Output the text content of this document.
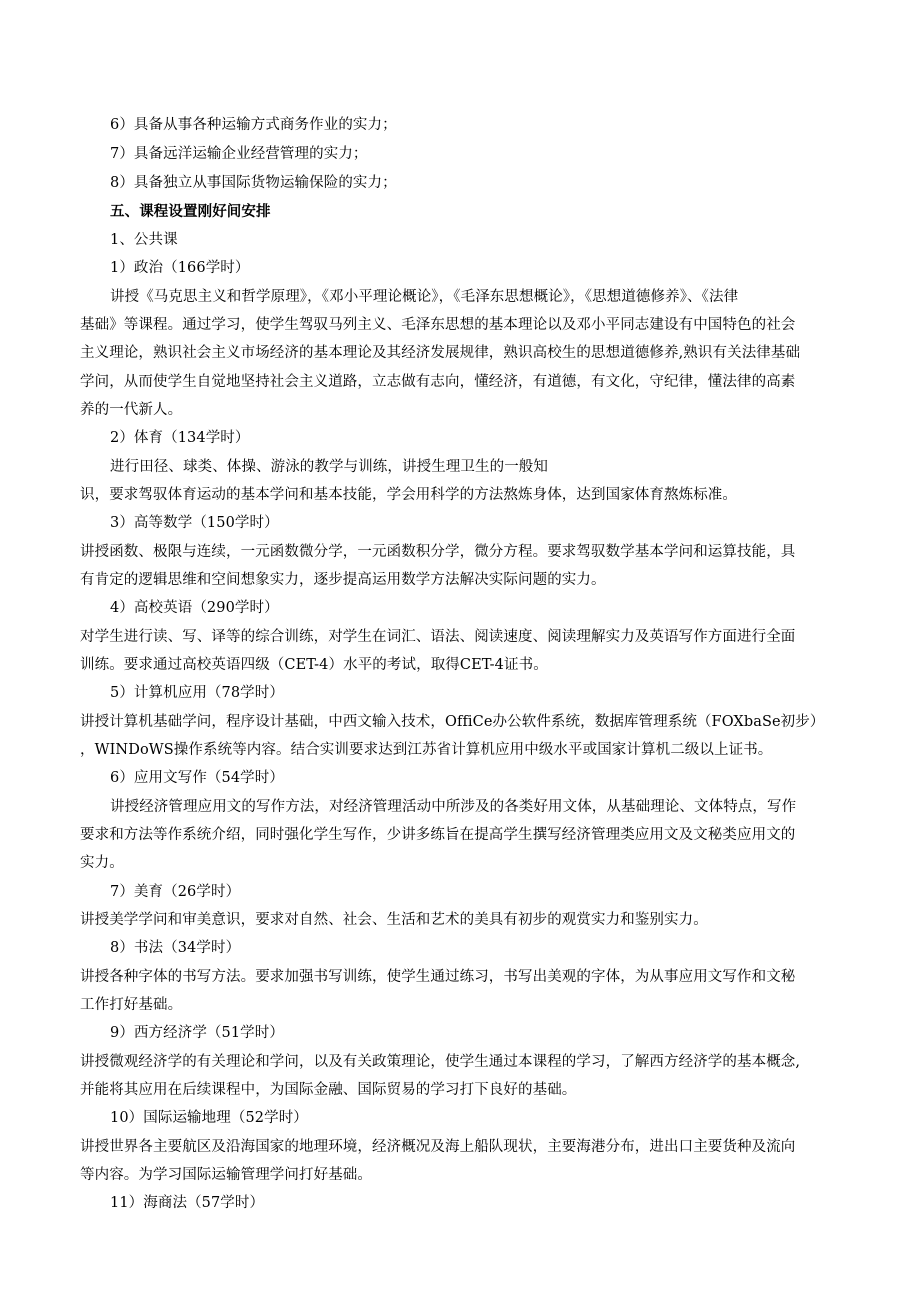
6）具备从事各种运输方式商务作业的实力；
7）具备远洋运输企业经营管理的实力；
8）具备独立从事国际货物运输保险的实力；
五、课程设置刚好间安排
1、公共课
1）政治（166学时）
讲授《马克思主义和哲学原理》，《邓小平理论概论》，《毛泽东思想概论》，《思想道德修养》、《法律
基础》等课程。通过学习，使学生驾驭马列主义、毛泽东思想的基本理论以及邓小平同志建设有中国特色的社会
主义理论，熟识社会主义市场经济的基本理论及其经济发展规律，熟识高校生的思想道德修养,熟识有关法律基础
学问，从而使学生自觉地坚持社会主义道路，立志做有志向，懂经济，有道德，有文化，守纪律，懂法律的高素
养的一代新人。
2）体育（134学时）
进行田径、球类、体操、游泳的教学与训练，讲授生理卫生的一般知
识，要求驾驭体育运动的基本学问和基本技能，学会用科学的方法熬炼身体，达到国家体育熬炼标准。
3）高等数学（150学时）
讲授函数、极限与连续，一元函数微分学，一元函数积分学，微分方程。要求驾驭数学基本学问和运算技能，具
有肯定的逻辑思维和空间想象实力，逐步提高运用数学方法解决实际问题的实力。
4）高校英语（290学时）
对学生进行读、写、译等的综合训练，对学生在词汇、语法、阅读速度、阅读理解实力及英语写作方面进行全面
训练。要求通过高校英语四级（CET-4）水平的考试，取得CET-4证书。
5）计算机应用（78学时）
讲授计算机基础学问，程序设计基础，中西文输入技术，OffiCe办公软件系统，数据库管理系统（FOXbaSe初步）
，WINDoWS操作系统等内容。结合实训要求达到江苏省计算机应用中级水平或国家计算机二级以上证书。
6）应用文写作（54学时）
讲授经济管理应用文的写作方法，对经济管理活动中所涉及的各类好用文体，从基础理论、文体特点，写作
要求和方法等作系统介绍，同时强化学生写作，少讲多练旨在提高学生撰写经济管理类应用文及文秘类应用文的
实力。
7）美育（26学时）
讲授美学学问和审美意识，要求对自然、社会、生活和艺术的美具有初步的观赏实力和鉴别实力。
8）书法（34学时）
讲授各种字体的书写方法。要求加强书写训练，使学生通过练习，书写出美观的字体，为从事应用文写作和文秘
工作打好基础。
9）西方经济学（51学时）
讲授微观经济学的有关理论和学问，以及有关政策理论，使学生通过本课程的学习，了解西方经济学的基本概念,
并能将其应用在后续课程中，为国际金融、国际贸易的学习打下良好的基础。
10）国际运输地理（52学时）
讲授世界各主要航区及沿海国家的地理环境，经济概况及海上船队现状，主要海港分布，进出口主要货种及流向
等内容。为学习国际运输管理学问打好基础。
11）海商法（57学时）
